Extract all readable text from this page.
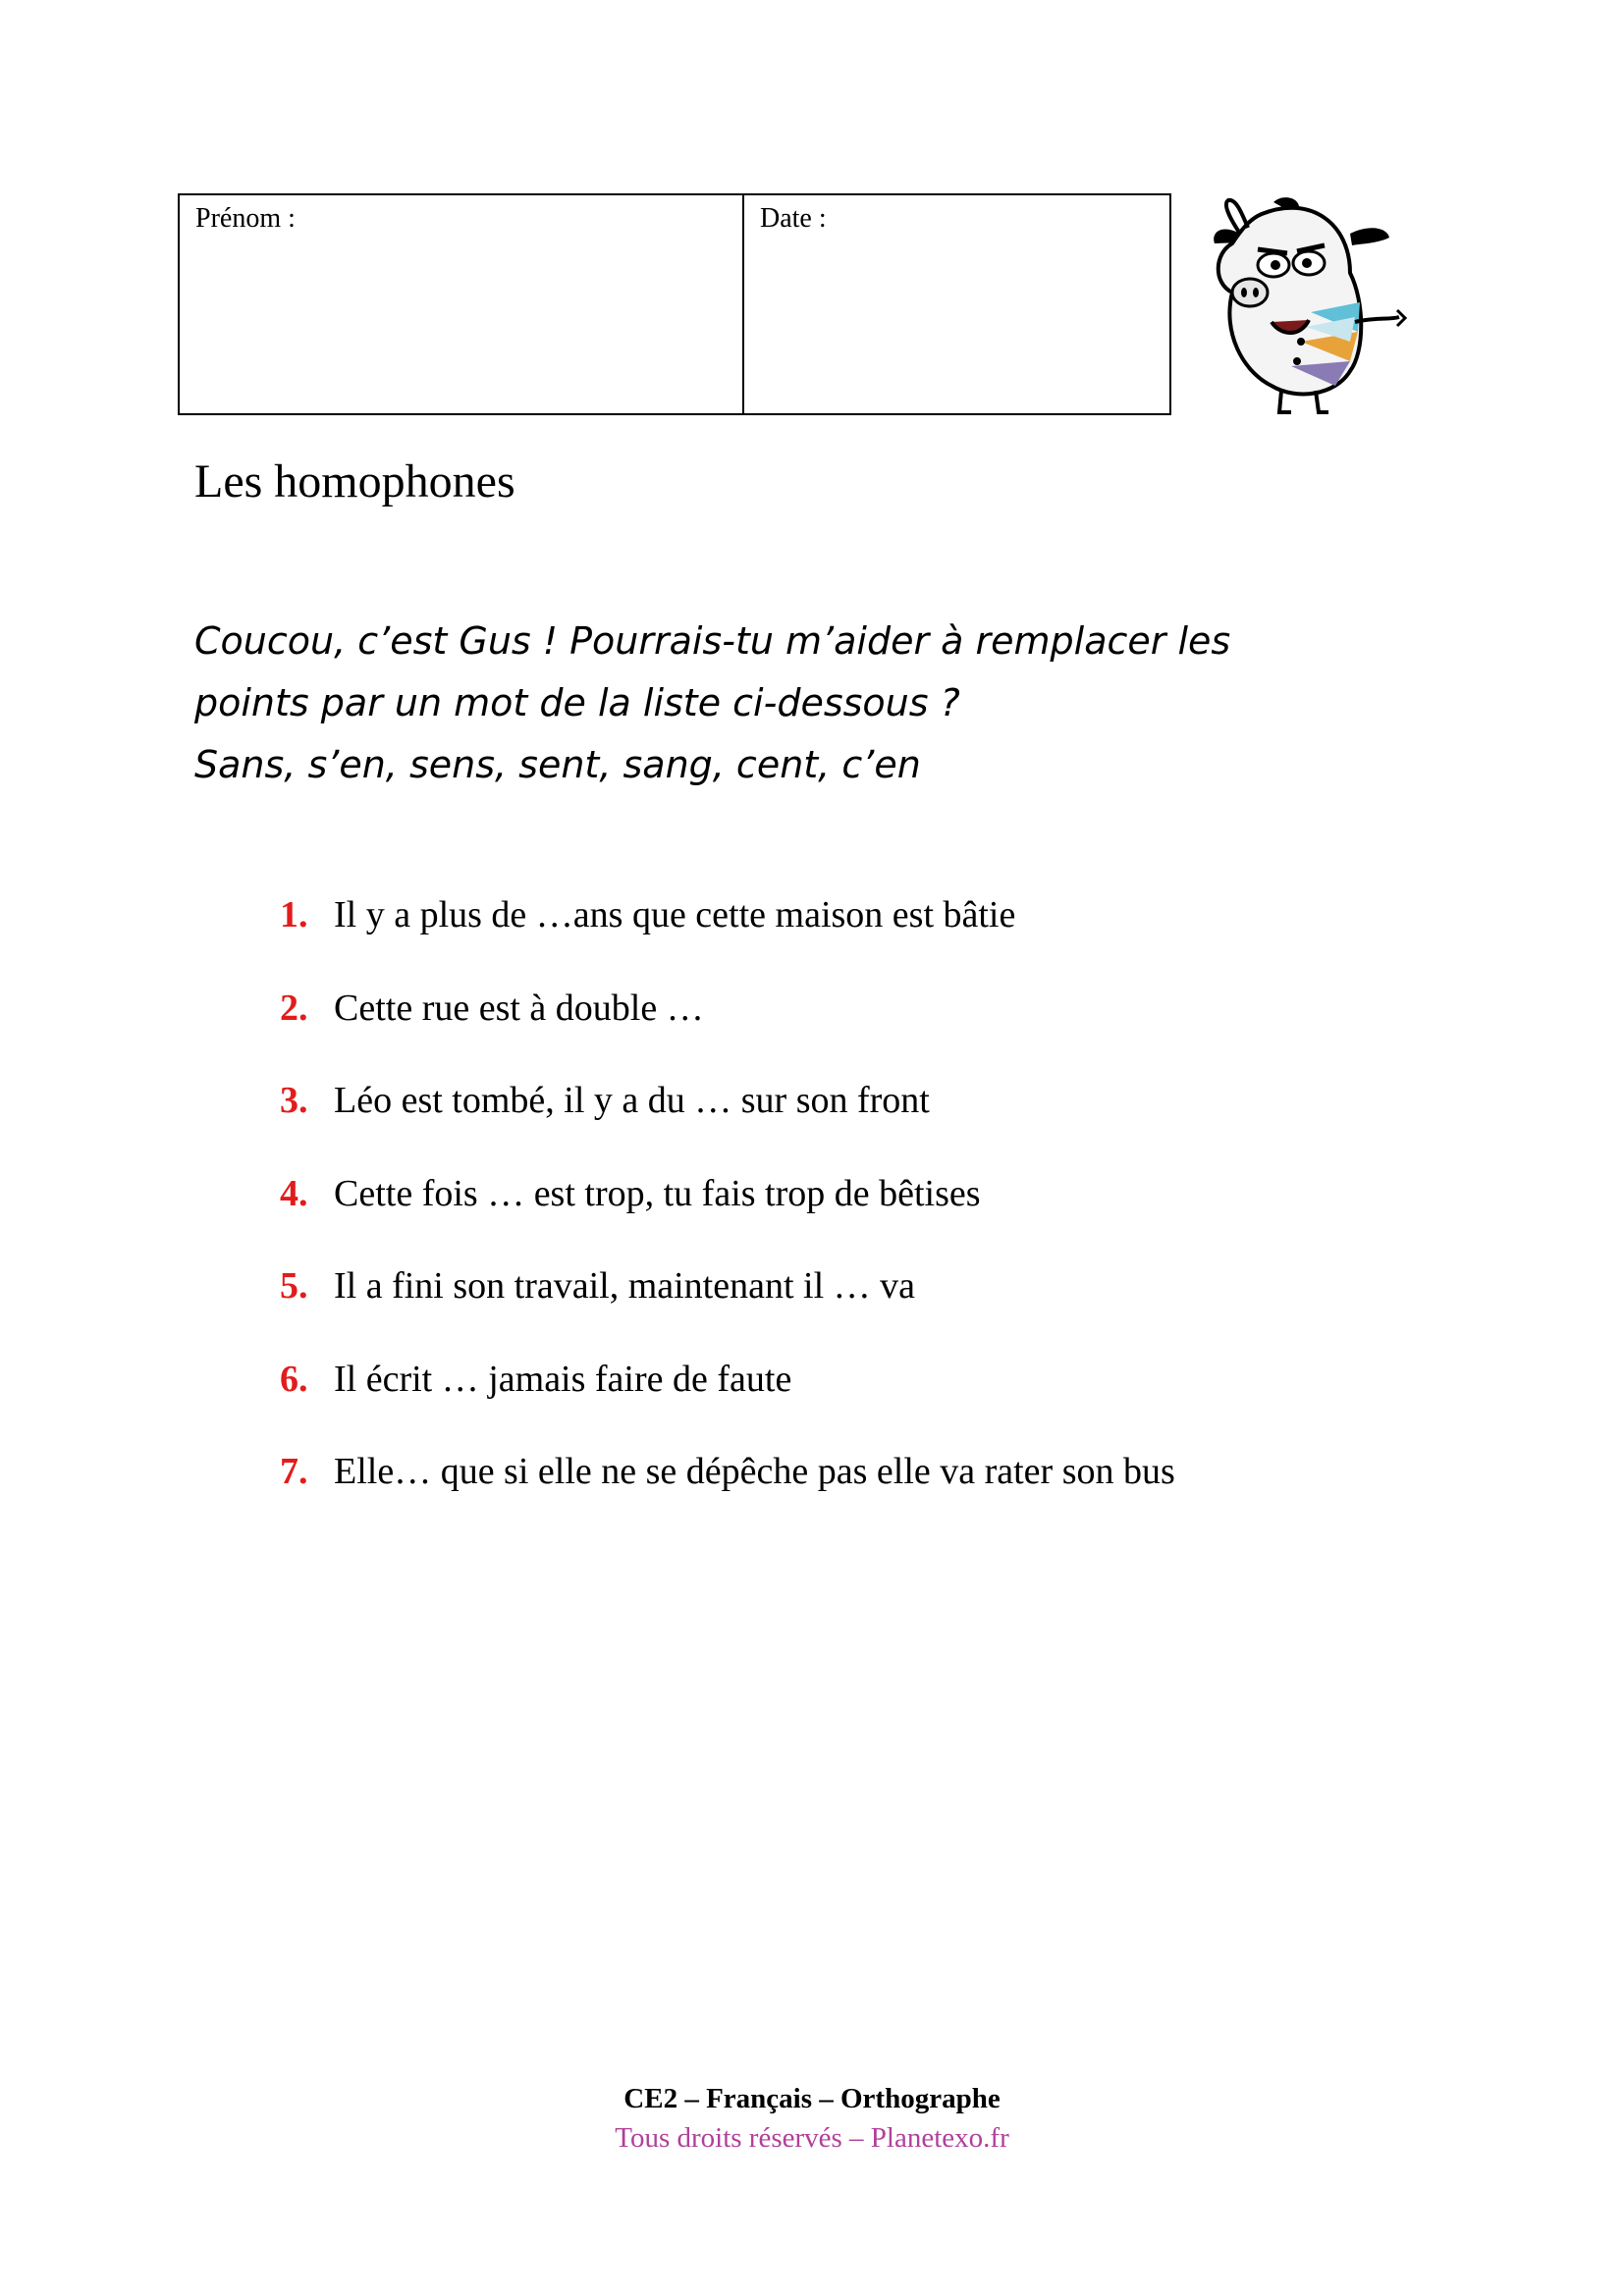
Prénom :	Date :
Les homophones
Coucou, c’est Gus ! Pourrais-tu m’aider à remplacer les
points par un mot de la liste ci-dessous ?
Sans, s’en, sens, sent, sang, cent, c’en
1. Il y a plus de …ans que cette maison est bâtie
2. Cette rue est à double …
3. Léo est tombé, il y a du … sur son front
4. Cette fois … est trop, tu fais trop de bêtises
5. Il a fini son travail, maintenant il … va
6. Il écrit … jamais faire de faute
7. Elle… que si elle ne se dépêche pas elle va rater son bus
CE2 – Français – Orthographe
Tous droits réservés – Planetexo.fr
